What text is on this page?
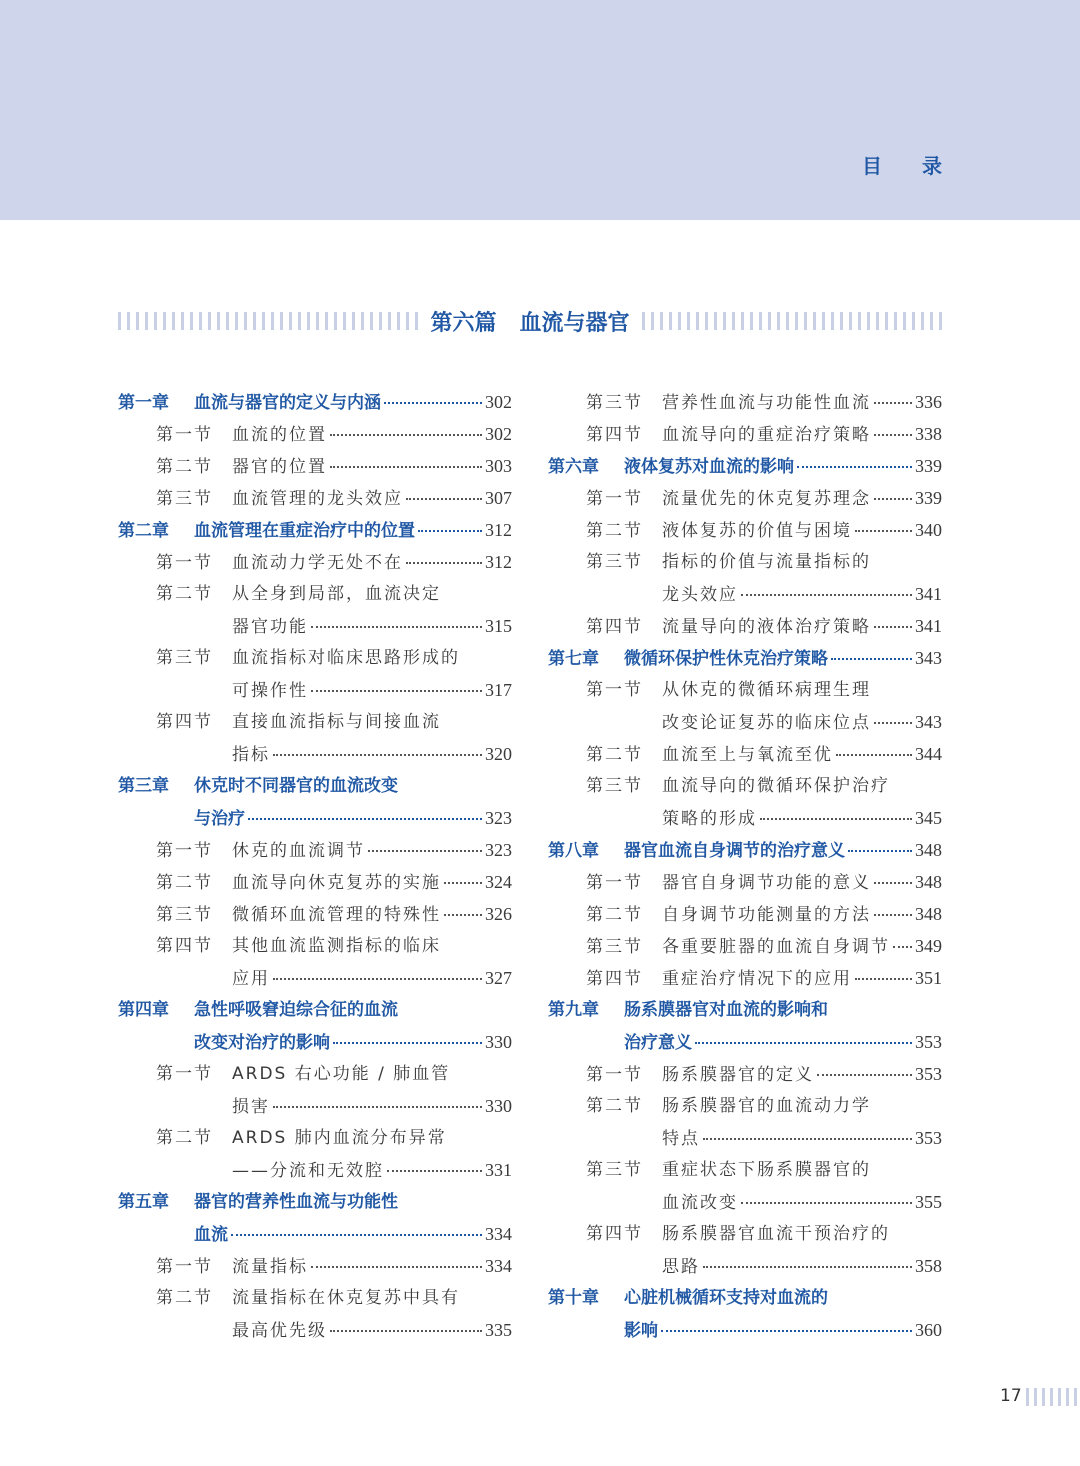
目录
第六篇   血流与器官
第一章	血流与器官的定义与内涵	302
第一节	血流的位置	302
第二节	器官的位置	303
第三节	血流管理的龙头效应	307
第二章	血流管理在重症治疗中的位置	312
第一节	血流动力学无处不在	312
第二节	从全身到局部，血流决定
器官功能	315
第三节	血流指标对临床思路形成的
可操作性	317
第四节	直接血流指标与间接血流
指标	320
第三章	休克时不同器官的血流改变
与治疗	323
第一节	休克的血流调节	323
第二节	血流导向休克复苏的实施 324
第三节	微循环血流管理的特殊性 326
第四节	其他血流监测指标的临床
应用	327
第四章	急性呼吸窘迫综合征的血流
改变对治疗的影响	330
第一节	ARDS 右心功能 / 肺血管
损害	330
第二节	ARDS 肺内血流分布异常
——分流和无效腔	331
第五章	器官的营养性血流与功能性
血流	334
第一节	流量指标	334
第二节	流量指标在休克复苏中具有
最高优先级	335
第三节	营养性血流与功能性血流 336
第四节	血流导向的重症治疗策略 338
第六章	液体复苏对血流的影响	339
第一节	流量优先的休克复苏理念 339
第二节	液体复苏的价值与困境	340
第三节	指标的价值与流量指标的
龙头效应	341
第四节	流量导向的液体治疗策略 341
第七章	微循环保护性休克治疗策略	343
第一节	从休克的微循环病理生理
改变论证复苏的临床位点 343
第二节	血流至上与氧流至优	344
第三节	血流导向的微循环保护治疗
策略的形成	345
第八章	器官血流自身调节的治疗意义	348
第一节	器官自身调节功能的意义 348
第二节	自身调节功能测量的方法 348
第三节	各重要脏器的血流自身调节 349
第四节	重症治疗情况下的应用	351
第九章	肠系膜器官对血流的影响和
治疗意义	353
第一节	肠系膜器官的定义	353
第二节	肠系膜器官的血流动力学
特点	353
第三节	重症状态下肠系膜器官的
血流改变	355
第四节	肠系膜器官血流干预治疗的
思路	358
第十章	心脏机械循环支持对血流的
影响	360
17
